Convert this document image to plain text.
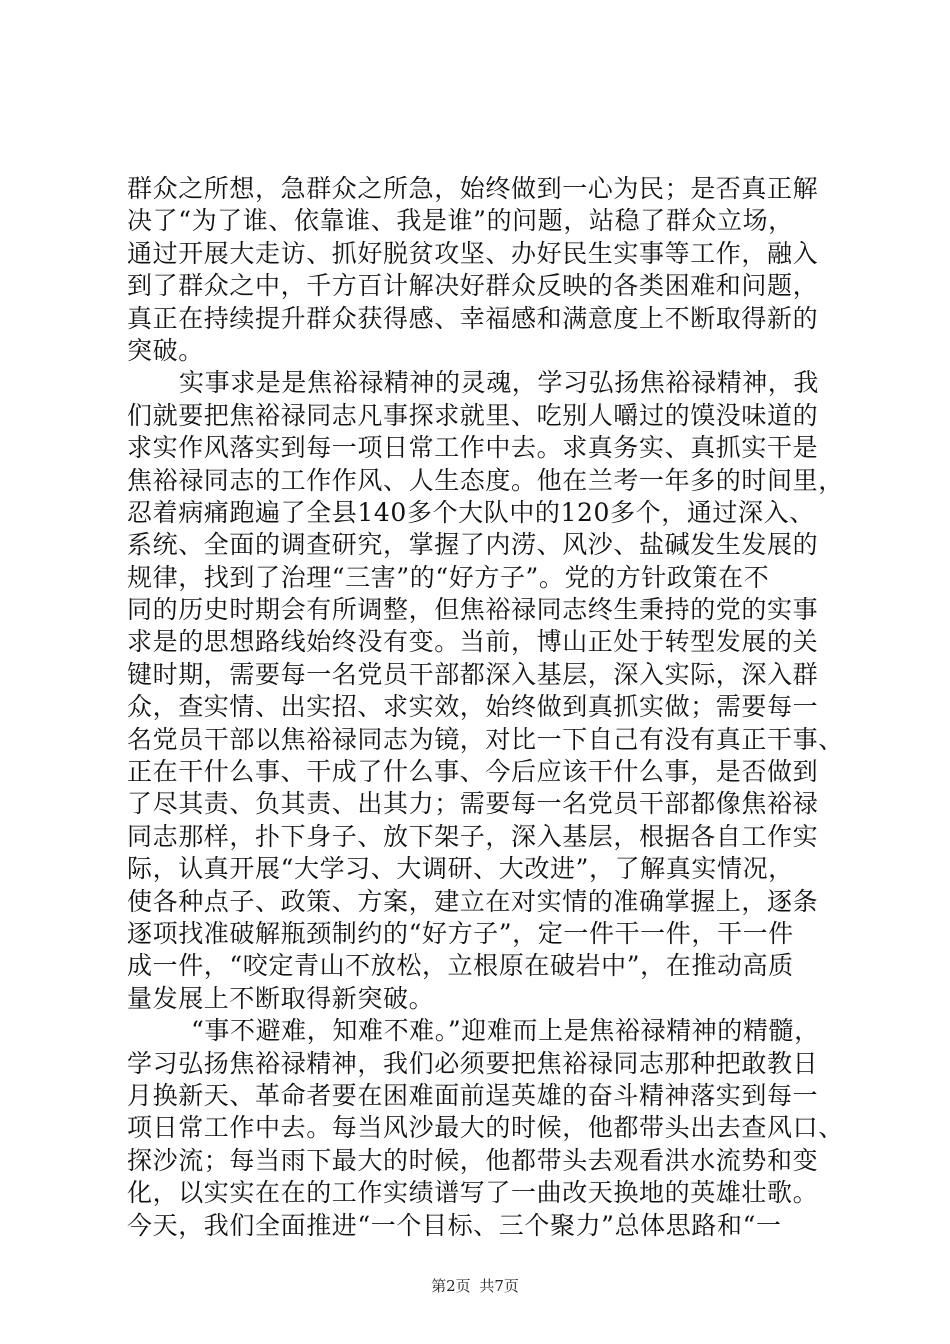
群众之所想，急群众之所急，始终做到一心为民；是否真正解
决了“为了谁、依靠谁、我是谁”的问题，站稳了群众立场，
通过开展大走访、抓好脱贫攻坚、办好民生实事等工作，融入
到了群众之中，千方百计解决好群众反映的各类困难和问题，
真正在持续提升群众获得感、幸福感和满意度上不断取得新的
突破。
实事求是是焦裕禄精神的灵魂，学习弘扬焦裕禄精神，我
们就要把焦裕禄同志凡事探求就里、吃别人嚼过的馍没味道的
求实作风落实到每一项日常工作中去。求真务实、真抓实干是
焦裕禄同志的工作作风、人生态度。他在兰考一年多的时间里，
忍着病痛跑遍了全县140多个大队中的120多个，通过深入、
系统、全面的调查研究，掌握了内涝、风沙、盐碱发生发展的
规律，找到了治理“三害”的“好方子”。党的方针政策在不
同的历史时期会有所调整，但焦裕禄同志终生秉持的党的实事
求是的思想路线始终没有变。当前，博山正处于转型发展的关
键时期，需要每一名党员干部都深入基层，深入实际，深入群
众，查实情、出实招、求实效，始终做到真抓实做；需要每一
名党员干部以焦裕禄同志为镜，对比一下自己有没有真正干事、
正在干什么事、干成了什么事、今后应该干什么事，是否做到
了尽其责、负其责、出其力；需要每一名党员干部都像焦裕禄
同志那样，扑下身子、放下架子，深入基层，根据各自工作实
际，认真开展“大学习、大调研、大改进”，了解真实情况，
使各种点子、政策、方案，建立在对实情的准确掌握上，逐条
逐项找准破解瓶颈制约的“好方子”，定一件干一件，干一件
成一件，“咬定青山不放松，立根原在破岩中”，在推动高质
量发展上不断取得新突破。
“事不避难，知难不难。”迎难而上是焦裕禄精神的精髓，
学习弘扬焦裕禄精神，我们必须要把焦裕禄同志那种把敢教日
月换新天、革命者要在困难面前逞英雄的奋斗精神落实到每一
项日常工作中去。每当风沙最大的时候，他都带头出去查风口、
探沙流；每当雨下最大的时候，他都带头去观看洪水流势和变
化，以实实在在的工作实绩谱写了一曲改天换地的英雄壮歌。
今天，我们全面推进“一个目标、三个聚力”总体思路和“一
第2页 共7页
